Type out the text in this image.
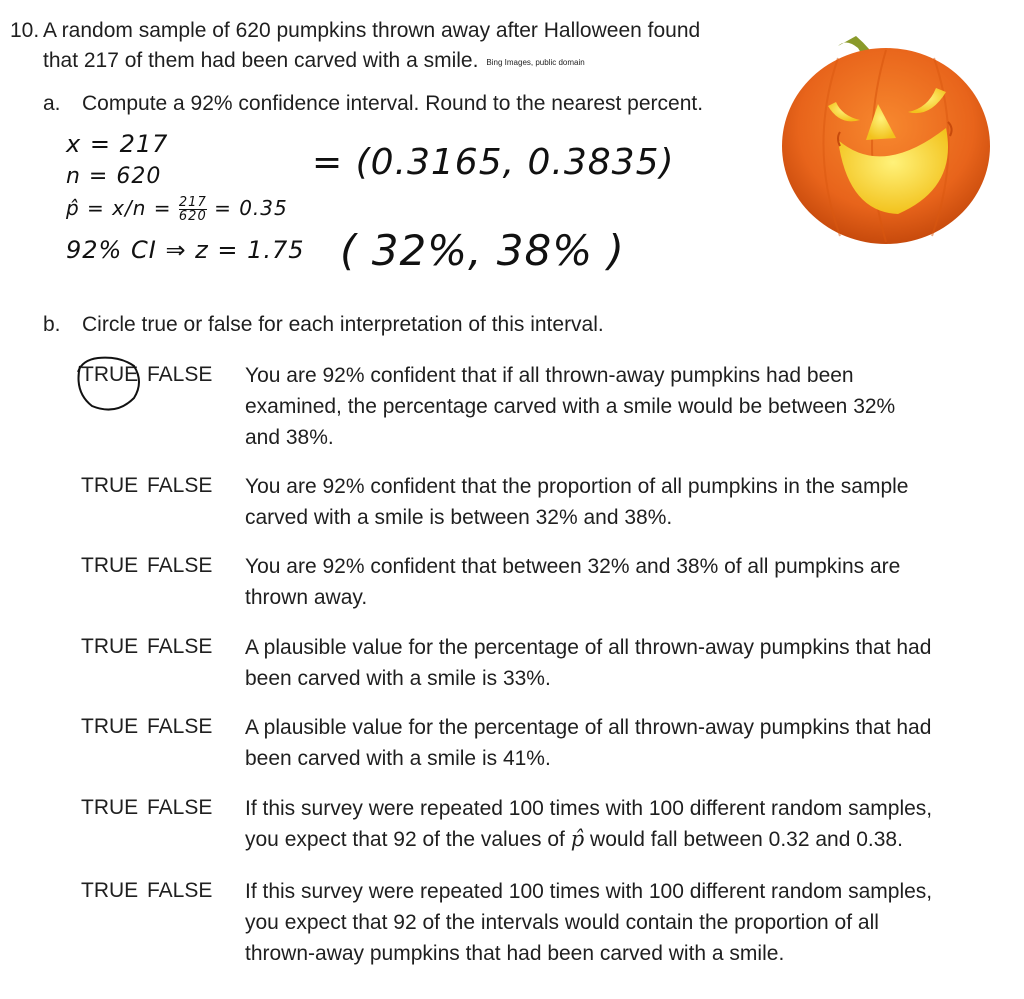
10. A random sample of 620 pumpkins thrown away after Halloween found
that 217 of them had been carved with a smile. Bing Images, public domain
a. Compute a 92% confidence interval. Round to the nearest percent.
x = 217
n = 620
p̂ = $x/n = \frac{217}{620} = 0.35$
92% CI ⇒ z = 1.75
= (0.3165, 0.3835)
( 32%, 38% )
b. Circle true or false for each interpretation of this interval.
TRUE FALSE You are 92% confident that if all thrown-away pumpkins had been
examined, the percentage carved with a smile would be between 32%
and 38%.
TRUE FALSE You are 92% confident that the proportion of all pumpkins in the sample
carved with a smile is between 32% and 38%.
TRUE FALSE You are 92% confident that between 32% and 38% of all pumpkins are
thrown away.
TRUE FALSE A plausible value for the percentage of all thrown-away pumpkins that had
been carved with a smile is 33%.
TRUE FALSE A plausible value for the percentage of all thrown-away pumpkins that had
been carved with a smile is 41%.
TRUE FALSE If this survey were repeated 100 times with 100 different random samples,
you expect that 92 of the values of p̂ would fall between 0.32 and 0.38.
TRUE FALSE If this survey were repeated 100 times with 100 different random samples,
you expect that 92 of the intervals would contain the proportion of all
thrown-away pumpkins that had been carved with a smile.
